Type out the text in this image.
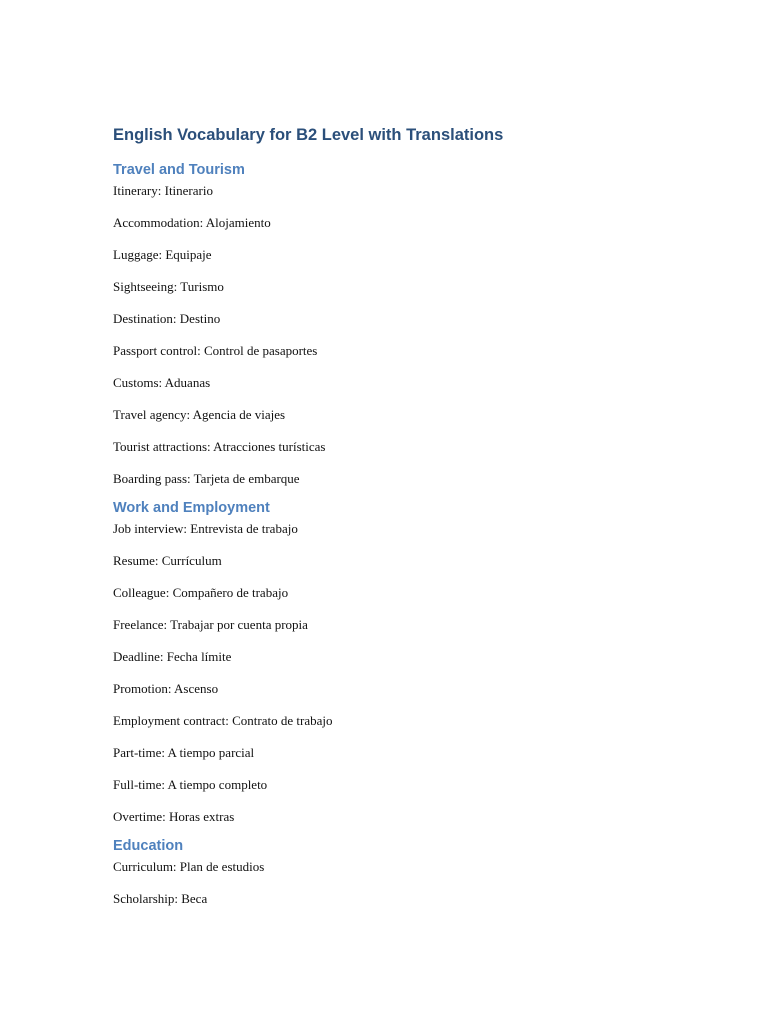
English Vocabulary for B2 Level with Translations
Travel and Tourism

Itinerary: Itinerario

Accommodation: Alojamiento

Luggage: Equipaje

Sightseeing: Turismo

Destination: Destino

Passport control: Control de pasaportes

Customs: Aduanas

Travel agency: Agencia de viajes

Tourist attractions: Atracciones turísticas

Boarding pass: Tarjeta de embarque

Work and Employment

Job interview: Entrevista de trabajo

Resume: Currículum

Colleague: Compañero de trabajo

Freelance: Trabajar por cuenta propia

Deadline: Fecha límite

Promotion: Ascenso

Employment contract: Contrato de trabajo

Part-time: A tiempo parcial

Full-time: A tiempo completo

Overtime: Horas extras

Education

Curriculum: Plan de estudios

Scholarship: Beca
